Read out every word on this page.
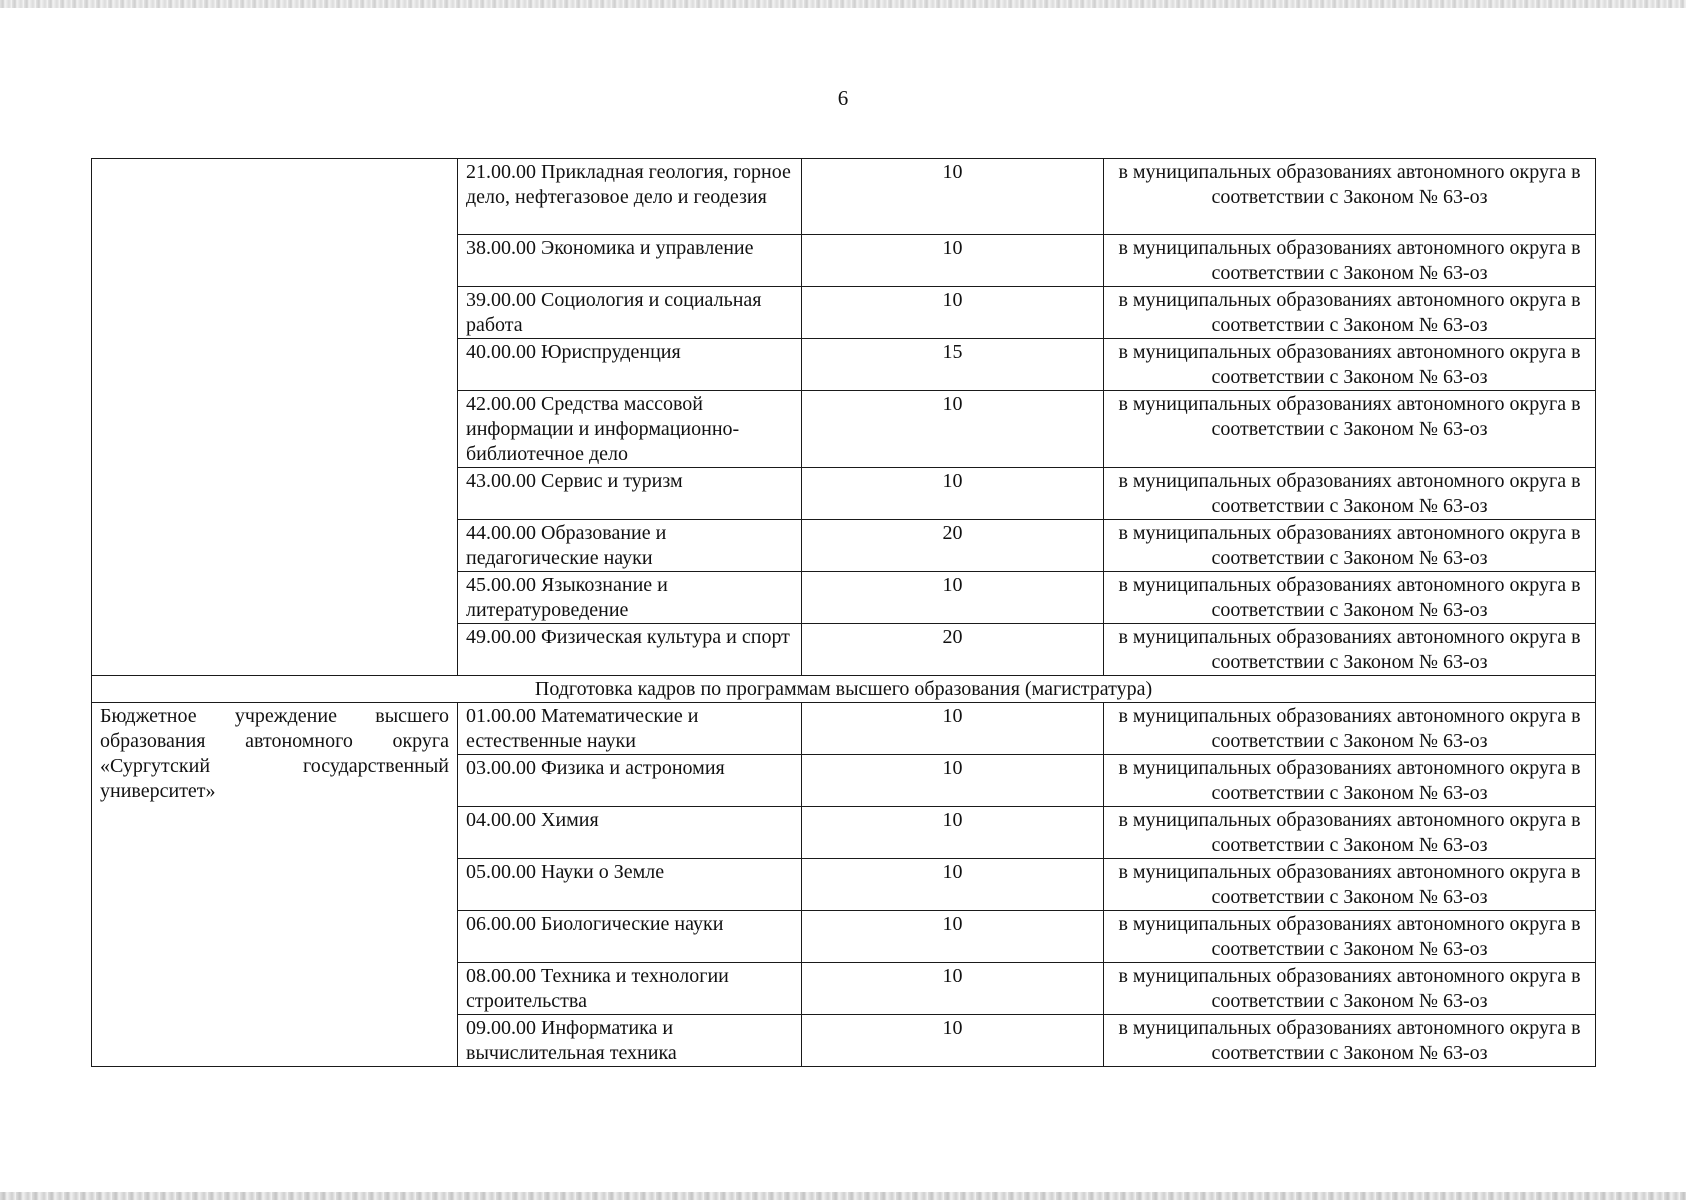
6
	21.00.00 Прикладная геология, горное дело, нефтегазовое дело и геодезия	10	в муниципальных образованиях автономного округа в соответствии с Законом № 63-оз
	38.00.00 Экономика и управление	10	в муниципальных образованиях автономного округа в соответствии с Законом № 63-оз
	39.00.00 Социология и социальная работа	10	в муниципальных образованиях автономного округа в соответствии с Законом № 63-оз
	40.00.00 Юриспруденция	15	в муниципальных образованиях автономного округа в соответствии с Законом № 63-оз
	42.00.00 Средства массовой информации и информационно-библиотечное дело	10	в муниципальных образованиях автономного округа в соответствии с Законом № 63-оз
	43.00.00 Сервис и туризм	10	в муниципальных образованиях автономного округа в соответствии с Законом № 63-оз
	44.00.00 Образование и педагогические науки	20	в муниципальных образованиях автономного округа в соответствии с Законом № 63-оз
	45.00.00 Языкознание и литературоведение	10	в муниципальных образованиях автономного округа в соответствии с Законом № 63-оз
	49.00.00 Физическая культура и спорт	20	в муниципальных образованиях автономного округа в соответствии с Законом № 63-оз
Подготовка кадров по программам высшего образования (магистратура)			
Бюджетное учреждение высшего образования автономного округа «Сургутский государственный университет»	01.00.00 Математические и естественные науки	10	в муниципальных образованиях автономного округа в соответствии с Законом № 63-оз
	03.00.00 Физика и астрономия	10	в муниципальных образованиях автономного округа в соответствии с Законом № 63-оз
	04.00.00 Химия	10	в муниципальных образованиях автономного округа в соответствии с Законом № 63-оз
	05.00.00 Науки о Земле	10	в муниципальных образованиях автономного округа в соответствии с Законом № 63-оз
	06.00.00 Биологические науки	10	в муниципальных образованиях автономного округа в соответствии с Законом № 63-оз
	08.00.00 Техника и технологии строительства	10	в муниципальных образованиях автономного округа в соответствии с Законом № 63-оз
	09.00.00 Информатика и вычислительная техника	10	в муниципальных образованиях автономного округа в соответствии с Законом № 63-оз
